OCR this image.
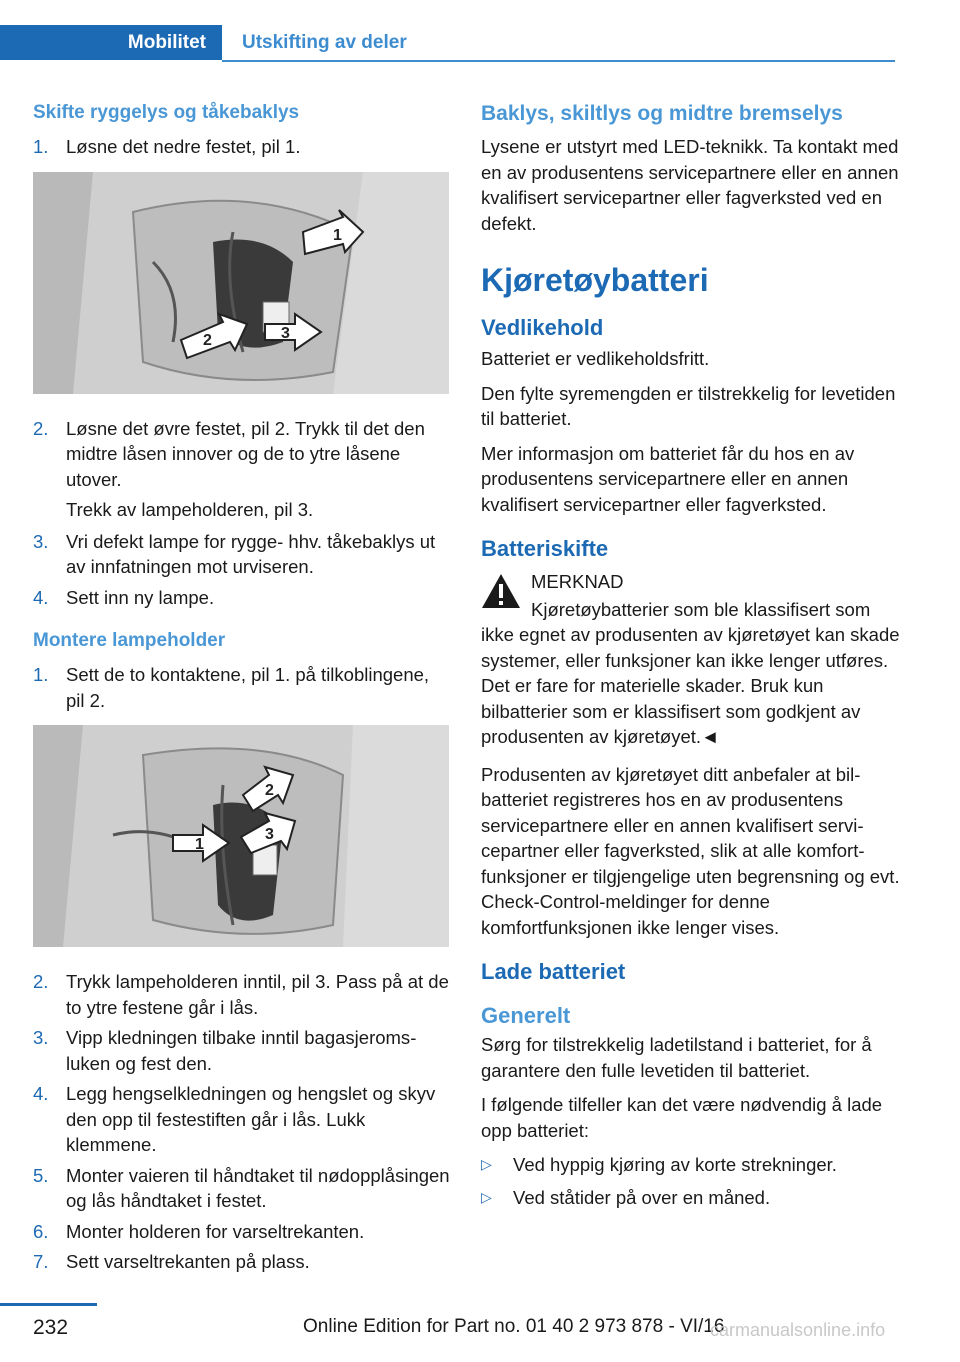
Mobilitet	Utskifting av deler
Skifte ryggelys og tåkebaklys
1. Løsne det nedre festet, pil 1.
1
2	3
2. Løsne det øvre festet, pil 2. Trykk til det den midtre låsen innover og de to ytre låsene utover.
Trekk av lampeholderen, pil 3.
3. Vri defekt lampe for rygge- hhv. tåkebaklys ut av innfatningen mot urviseren.
4. Sett inn ny lampe.
Montere lampeholder
1. Sett de to kontaktene, pil 1. på tilkoblingene, pil 2.
1
2
3
2. Trykk lampeholderen inntil, pil 3. Pass på at de to ytre festene går i lås.
3. Vipp kledningen tilbake inntil bagasjeromsluken og fest den.
4. Legg hengselkledningen og hengslet og skyv den opp til festestiften går i lås. Lukk klemmene.
5. Monter vaieren til håndtaket til nødopplåsingen og lås håndtaket i festet.
6. Monter holderen for varseltrekanten.
7. Sett varseltrekanten på plass.
Baklys, skiltlys og midtre bremselys

Lysene er utstyrt med LED-teknikk. Ta kontakt med en av produsentens servicepartnere eller en annen kvalifisert servicepartner eller fagverksted ved en defekt.

Kjøretøybatteri
Vedlikehold

Batteriet er vedlikeholdsfritt.

Den fylte syremengden er tilstrekkelig for levetiden til batteriet.

Mer informasjon om batteriet får du hos en av produsentens servicepartnere eller en annen kvalifisert servicepartner eller fagverksted.

Batteriskifte
MERKNAD
Kjøretøybatterier som ble klassifisert som ikke egnet av produsenten av kjøretøyet kan skade systemer, eller funksjoner kan ikke lenger utføres. Det er fare for materielle skader. Bruk kun bilbatterier som er klassifisert som godkjent av produsenten av kjøretøyet.◄

Produsenten av kjøretøyet ditt anbefaler at bilbatteriet registreres hos en av produsentens servicepartnere eller en annen kvalifisert servicepartner eller fagverksted, slik at alle komfortfunksjoner er tilgjengelige uten begrensning og evt. Check-Control-meldinger for denne komfortfunksjonen ikke lenger vises.

Lade batteriet
Generelt

Sørg for tilstrekkelig ladetilstand i batteriet, for å garantere den fulle levetiden til batteriet.

I følgende tilfeller kan det være nødvendig å lade opp batteriet:

▷	Ved hyppig kjøring av korte strekninger.
▷	Ved ståtider på over en måned.
232	Online Edition for Part no. 01 40 2 973 878 - VI/16
carmanualsonline.info
